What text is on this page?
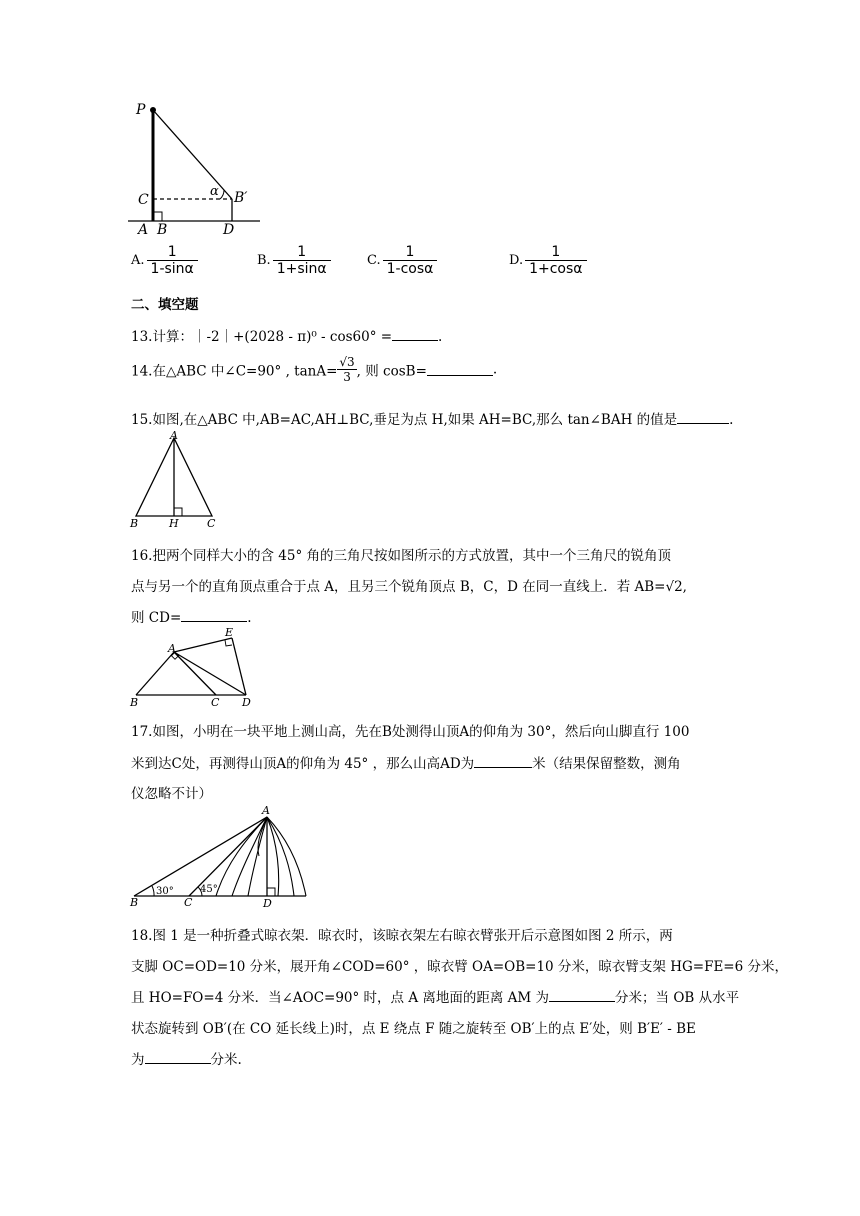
P
C
A B	D
B′
α
A. $\frac{1}{1-\sin\alpha}$	B. $\frac{1}{1+\sin\alpha}$	C. $\frac{1}{1-\cos\alpha}$	D. $\frac{1}{1+\cos\alpha}$
二、填空题
13.计算：｜-2｜+(2028 - π)⁰ - cos60° =	.
14.在△ABC 中∠C=90° , $\tan A= \frac{√3}{3}$ , 则 cosB=	.
15.如图,在△ABC 中,AB=AC,AH⊥BC,垂足为点 H,如果 AH=BC,那么 tan∠BAH 的值是	.
A
B	H	C
16.把两个同样大小的含 45° 角的三角尺按如图所示的方式放置，其中一个三角尺的锐角顶
点与另一个的直角顶点重合于点 A，且另三个锐角顶点 B，C，D 在同一直线上．若 AB=√2,
则 CD=	.
A
E
B	C D
17.如图，小明在一块平地上测山高，先在B处测得山顶A的仰角为 30°，然后向山脚直行 100
米到达C处，再测得山顶A的仰角为 45° ，那么山高AD为	米（结果保留整数，测角
仪忽略不计）
A
B	C	D
30°	45°
18.图 1 是一种折叠式晾衣架．晾衣时，该晾衣架左右晾衣臂张开后示意图如图 2 所示，两
支脚 OC=OD=10 分米，展开角∠COD=60° ，晾衣臂 OA=OB=10 分米，晾衣臂支架 HG=FE=6 分米，
且 HO=FO=4 分米．当∠AOC=90° 时，点 A 离地面的距离 AM 为	分米；当 OB 从水平
状态旋转到 OB′(在 CO 延长线上)时，点 E 绕点 F 随之旋转至 OB′上的点 E′处，则 B′E′ - BE
为	分米.
